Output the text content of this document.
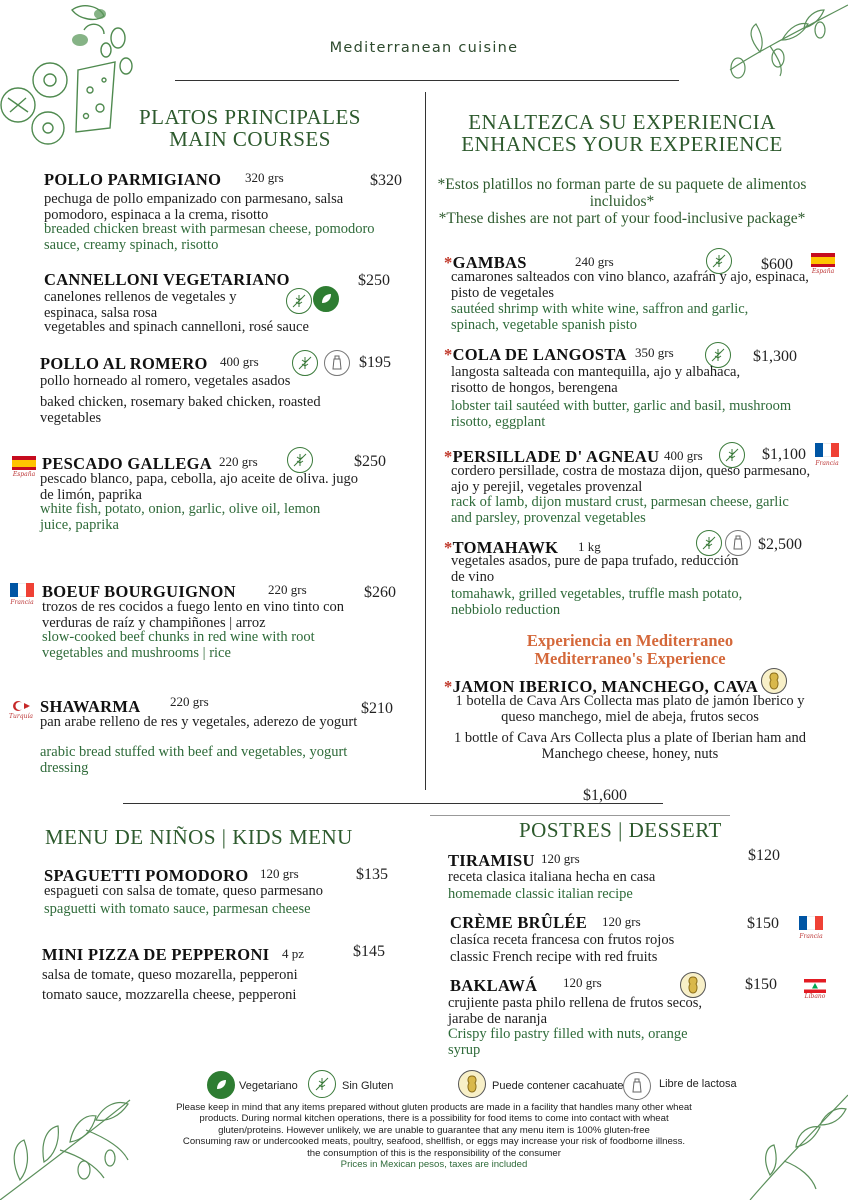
Mediterranean cuisine
PLATOS PRINCIPALES
MAIN COURSES
POLLO PARMIGIANO 320 grs	$320
pechuga de pollo empanizado con parmesano, salsa pomodoro, espinaca a la crema, risotto
breaded chicken breast with parmesan cheese, pomodoro sauce, creamy spinach, risotto
CANNELLONI VEGETARIANO	$250
canelones rellenos de vegetales y espinaca, salsa rosa
vegetables and spinach cannelloni, rosé sauce
POLLO AL ROMERO 400 grs	$195
pollo horneado al romero, vegetales asados
baked chicken, rosemary baked chicken, roasted vegetables
España
PESCADO GALLEGA 220 grs	$250
pescado blanco, papa, cebolla, ajo aceite de oliva. jugo de limón, paprika
white fish, potato, onion, garlic, olive oil, lemon juice, paprika
Francia
BOEUF BOURGUIGNON 220 grs	$260
trozos de res cocidos a fuego lento en vino tinto con verduras de raíz y champiñones | arroz
slow-cooked beef chunks in red wine with root vegetables and mushrooms | rice
Turquía
SHAWARMA 220 grs	$210
pan arabe relleno de res y vegetales, aderezo de yogurt
arabic bread stuffed with beef and vegetables, yogurt dressing
ENALTEZCA SU EXPERIENCIA
ENHANCES YOUR EXPERIENCE
*Estos platillos no forman parte de su paquete de alimentos incluidos*
*These dishes are not part of your food-inclusive package*
*GAMBAS	240 grs	$600	España
camarones salteados con vino blanco, azafrán y ajo, espinaca, pisto de vegetales
sautéed shrimp with white wine, saffron and garlic, spinach, vegetable spanish pisto
*COLA DE LANGOSTA 350 grs	$1,300
langosta salteada con mantequilla, ajo y albahaca, risotto de hongos, berengena
lobster tail sautéed with butter, garlic and basil, mushroom risotto, eggplant
*PERSILLADE D' AGNEAU 400 grs	$1,100
Francia
cordero persillade, costra de mostaza dijon, queso parmesano, ajo y perejil, vegetales provenzal
rack of lamb, dijon mustard crust, parmesan cheese, garlic and parsley, provenzal vegetables
*TOMAHAWK 1 kg	$2,500
vegetales asados, pure de papa trufado, reducción de vino
tomahawk, grilled vegetables, truffle mash potato, nebbiolo reduction
Experiencia en Mediterraneo
Mediterraneo's Experience
*JAMON IBERICO, MANCHEGO, CAVA
1 botella de Cava Ars Collecta mas plato de jamón Iberico y queso manchego, miel de abeja, frutos secos
1 bottle of Cava Ars Collecta plus a plate of Iberian ham and Manchego cheese, honey, nuts
$1,600
MENU DE NIÑOS | KIDS MENU
SPAGUETTI POMODORO 120 grs	$135
espagueti con salsa de tomate, queso parmesano
spaguetti with tomato sauce, parmesan cheese
MINI PIZZA DE PEPPERONI 4 pz	$145
salsa de tomate, queso mozarella, pepperoni
tomato sauce, mozzarella cheese, pepperoni
POSTRES | DESSERT
TIRAMISU 120 grs	$120
receta clasica italiana hecha en casa
homemade classic italian recipe
CRÈME BRÛLÉE 120 grs	$150
Francia
clasíca receta francesa con frutos rojos
classic French recipe with red fruits
BAKLAWÁ 120 grs	$150
Líbano
crujiente pasta philo rellena de frutos secos, jarabe de naranja
Crispy filo pastry filled with nuts, orange syrup
Vegetariano	Sin Gluten	Puede contener cacahuate	Libre de lactosa
Please keep in mind that any items prepared without gluten products are made in a facility that handles many other wheat
products. During normal kitchen operations, there is a possibility for food items to come into contact with wheat
gluten/proteins. However unlikely, we are unable to guarantee that any menu item is 100% gluten-free
Consuming raw or undercooked meats, poultry, seafood, shellfish, or eggs may increase your risk of foodborne illness.
the consumption of this is the responsibility of the consumer
Prices in Mexican pesos, taxes are included
